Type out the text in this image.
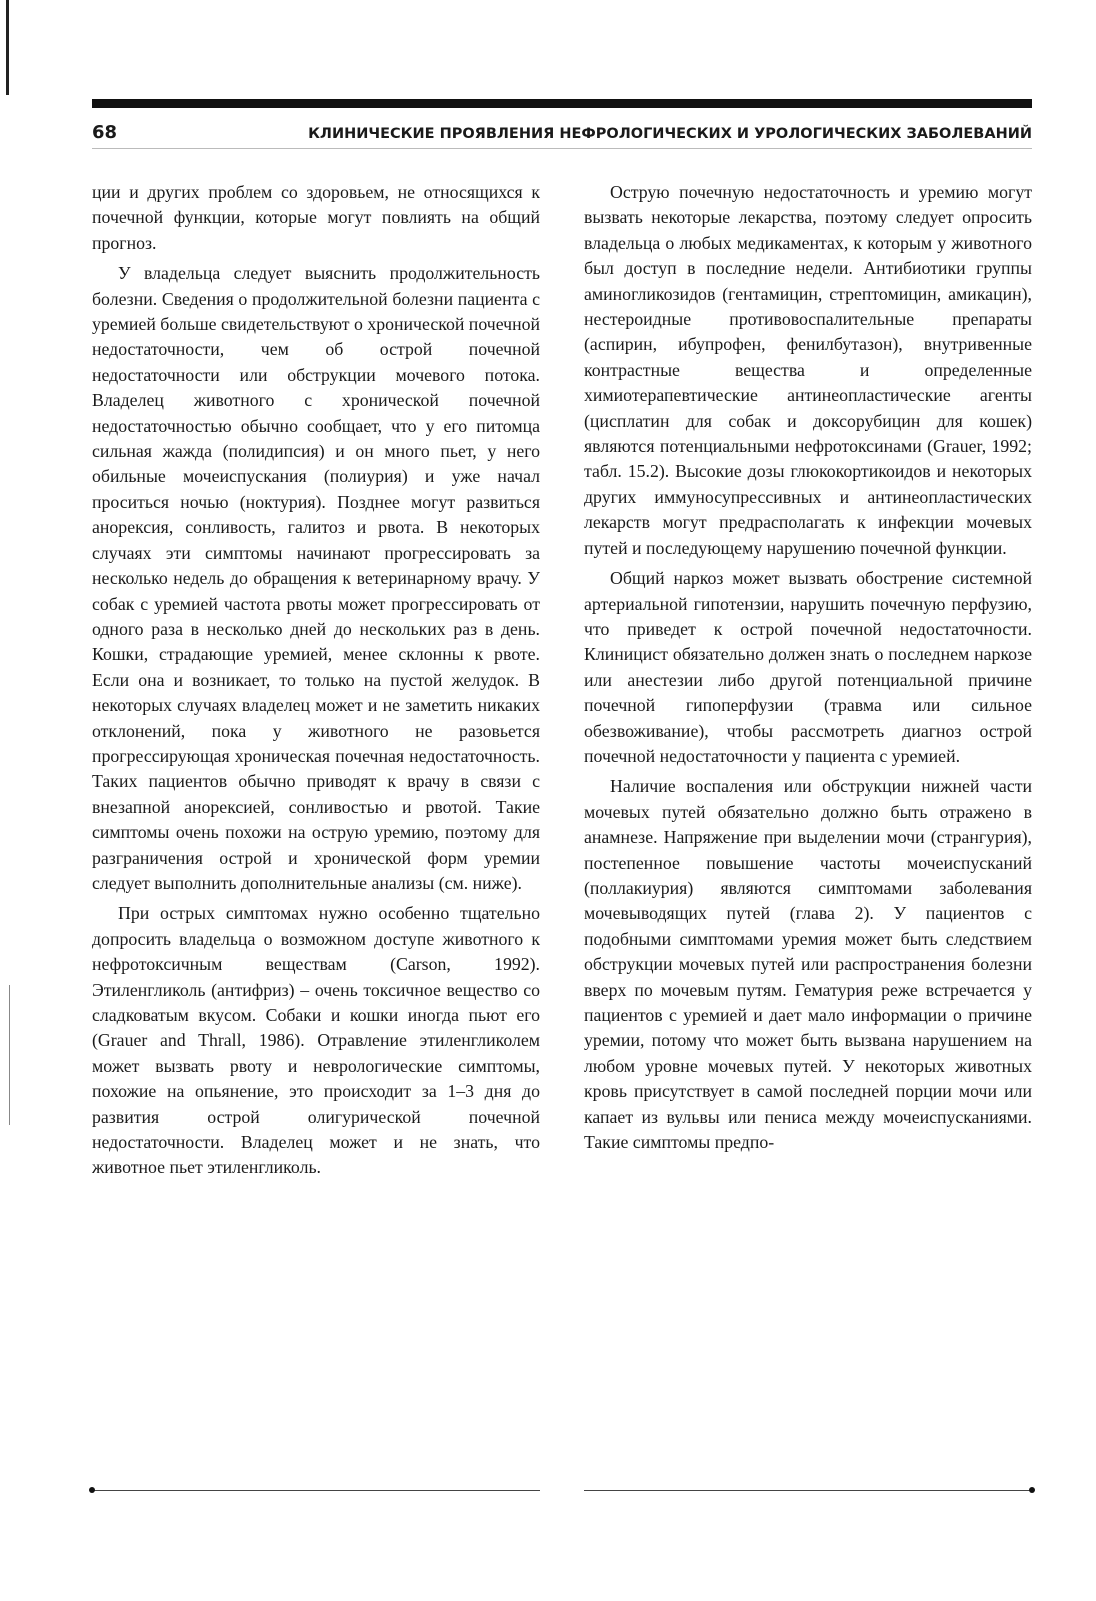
68	КЛИНИЧЕСКИЕ ПРОЯВЛЕНИЯ НЕФРОЛОГИЧЕСКИХ И УРОЛОГИЧЕСКИХ ЗАБОЛЕВАНИЙ

ции и других проблем со здоровьем, не относящихся к почечной функции, которые могут повлиять на общий прогноз.

У владельца следует выяснить продолжительность болезни. Сведения о продолжительной болезни пациента с уремией больше свидетельствуют о хронической почечной недостаточности, чем об острой почечной недостаточности или обструкции мочевого потока. Владелец животного с хронической почечной недостаточностью обычно сообщает, что у его питомца сильная жажда (полидипсия) и он много пьет, у него обильные мочеиспускания (полиурия) и уже начал проситься ночью (ноктурия). Позднее могут развиться анорексия, сонливость, галитоз и рвота. В некоторых случаях эти симптомы начинают прогрессировать за несколько недель до обращения к ветеринарному врачу. У собак с уремией частота рвоты может прогрессировать от одного раза в несколько дней до нескольких раз в день. Кошки, страдающие уремией, менее склонны к рвоте. Если она и возникает, то только на пустой желудок. В некоторых случаях владелец может и не заметить никаких отклонений, пока у животного не разовьется прогрессирующая хроническая почечная недостаточность. Таких пациентов обычно приводят к врачу в связи с внезапной анорексией, сонливостью и рвотой. Такие симптомы очень похожи на острую уремию, поэтому для разграничения острой и хронической форм уремии следует выполнить дополнительные анализы (см. ниже).

При острых симптомах нужно особенно тщательно допросить владельца о возможном доступе животного к нефротоксичным веществам (Carson, 1992). Этиленгликоль (антифриз) – очень токсичное вещество со сладковатым вкусом. Собаки и кошки иногда пьют его (Grauer and Thrall, 1986). Отравление этиленгликолем может вызвать рвоту и неврологические симптомы, похожие на опьянение, это происходит за 1–3 дня до развития острой олигурической почечной недостаточности. Владелец может и не знать, что животное пьет этиленгликоль.

Острую почечную недостаточность и уремию могут вызвать некоторые лекарства, поэтому следует опросить владельца о любых медикаментах, к которым у животного был доступ в последние недели. Антибиотики группы аминогликозидов (гентамицин, стрептомицин, амикацин), нестероидные противовоспалительные препараты (аспирин, ибупрофен, фенилбутазон), внутривенные контрастные вещества и определенные химиотерапевтические антинеопластические агенты (цисплатин для собак и доксорубицин для кошек) являются потенциальными нефротоксинами (Grauer, 1992; табл. 15.2). Высокие дозы глюкокортикоидов и некоторых других иммуносупрессивных и антинеопластических лекарств могут предрасполагать к инфекции мочевых путей и последующему нарушению почечной функции.

Общий наркоз может вызвать обострение системной артериальной гипотензии, нарушить почечную перфузию, что приведет к острой почечной недостаточности. Клиницист обязательно должен знать о последнем наркозе или анестезии либо другой потенциальной причине почечной гипоперфузии (травма или сильное обезвоживание), чтобы рассмотреть диагноз острой почечной недостаточности у пациента с уремией.

Наличие воспаления или обструкции нижней части мочевых путей обязательно должно быть отражено в анамнезе. Напряжение при выделении мочи (странгурия), постепенное повышение частоты мочеиспусканий (поллакиурия) являются симптомами заболевания мочевыводящих путей (глава 2). У пациентов с подобными симптомами уремия может быть следствием обструкции мочевых путей или распространения болезни вверх по мочевым путям. Гематурия реже встречается у пациентов с уремией и дает мало информации о причине уремии, потому что может быть вызвана нарушением на любом уровне мочевых путей. У некоторых животных кровь присутствует в самой последней порции мочи или капает из вульвы или пениса между мочеиспусканиями. Такие симптомы предпо-
